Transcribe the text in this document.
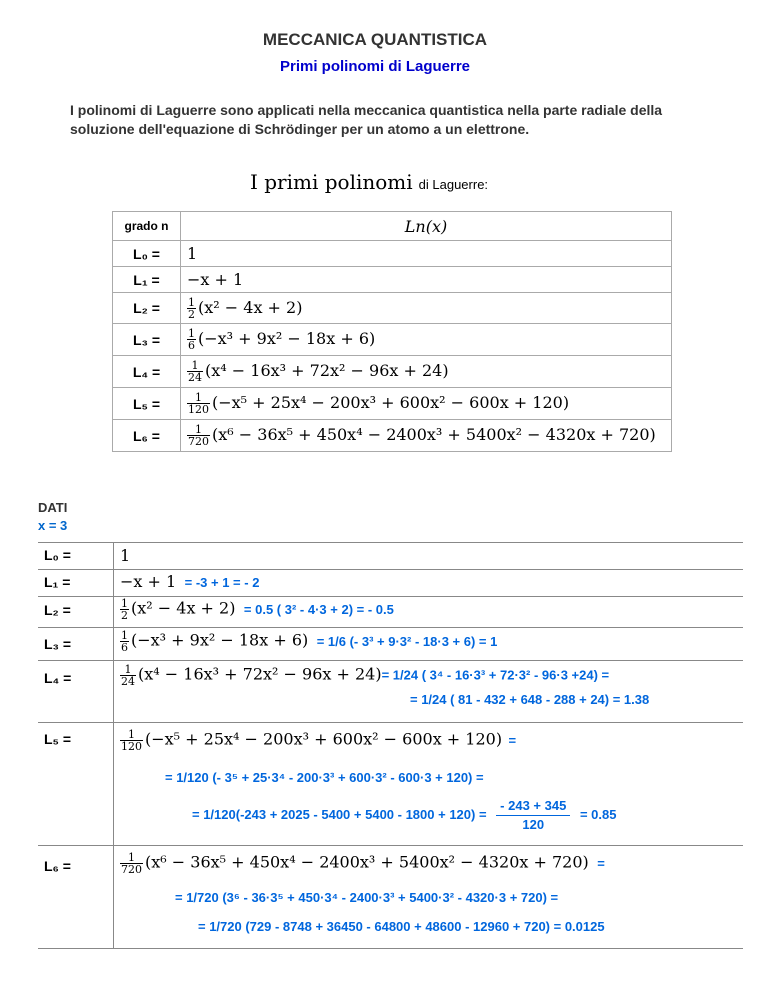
MECCANICA QUANTISTICA
Primi polinomi di Laguerre
I polinomi di Laguerre sono applicati nella meccanica quantistica nella parte radiale della soluzione dell'equazione di Schrödinger per un atomo a un elettrone.
I primi polinomi di Laguerre:
grado n	Ln(x)
L₀ =	1
L₁ =	−x + 1
L₂ =	$\frac{1}{2} (x^2 - 4x + 2)$
L₃ =	$\frac{1}{6} (-x^3 + 9x^2 - 18x + 6)$
L₄ =	$\frac{1}{24} (x^4 - 16x^3 + 72x^2 - 96x + 24)$
L₅ =	$\frac{1}{120} (-x^5 + 25x^4 - 200x^3 + 600x^2 - 600x + 120)$
L₆ =	$\frac{1}{720} (x^6 - 36x^5 + 450x^4 - 2400x^3 + 5400x^2 - 4320x + 720)$
DATI
x = 3
L₀ =	1
L₁ =	−x + 1 = -3 + 1 = - 2
L₂ =	$\frac{1}{2} (x^2 - 4x + 2) = 0.5$ ( 3² - 4·3 + 2) = - 0.5
L₃ =	$\frac{1}{6} (-x^3 + 9x^2 - 18x + 6) = 1/6$ (- 3³ + 9·3² - 18·3 + 6) = 1
L₄ =	$\frac{1}{24} (x^4 - 16x^3 + 72x^2 - 96x + 24)= 1/24$ ( 3⁴ - 16·3³ + 72·3² - 96·3 +24) =
= 1/24 ( 81 - 432 + 648 - 288 + 24) = 1.38
L₅ =	$\frac{1}{120} (-x^5 + 25x^4 - 200x^3 + 600x^2 - 600x + 120)$ =
= 1/120 (- 3⁵ + 25·3⁴ - 200·3³ + 600·3² - 600·3 + 120) =
= $1/120(-243 + 2025 - 5400 + 5400 - 1800 + 120) = \frac{- 243 + 345}{120} = 0.85$
L₆ =	$\frac{1}{720} (x^6 - 36x^5 + 450x^4 - 2400x^3 + 5400x^2 - 4320x + 720)$ =
= 1/720 (3⁶ - 36·3⁵ + 450·3⁴ - 2400·3³ + 5400·3² - 4320·3 + 720) =
= 1/720 (729 - 8748 + 36450 - 64800 + 48600 - 12960 + 720) = 0.0125
